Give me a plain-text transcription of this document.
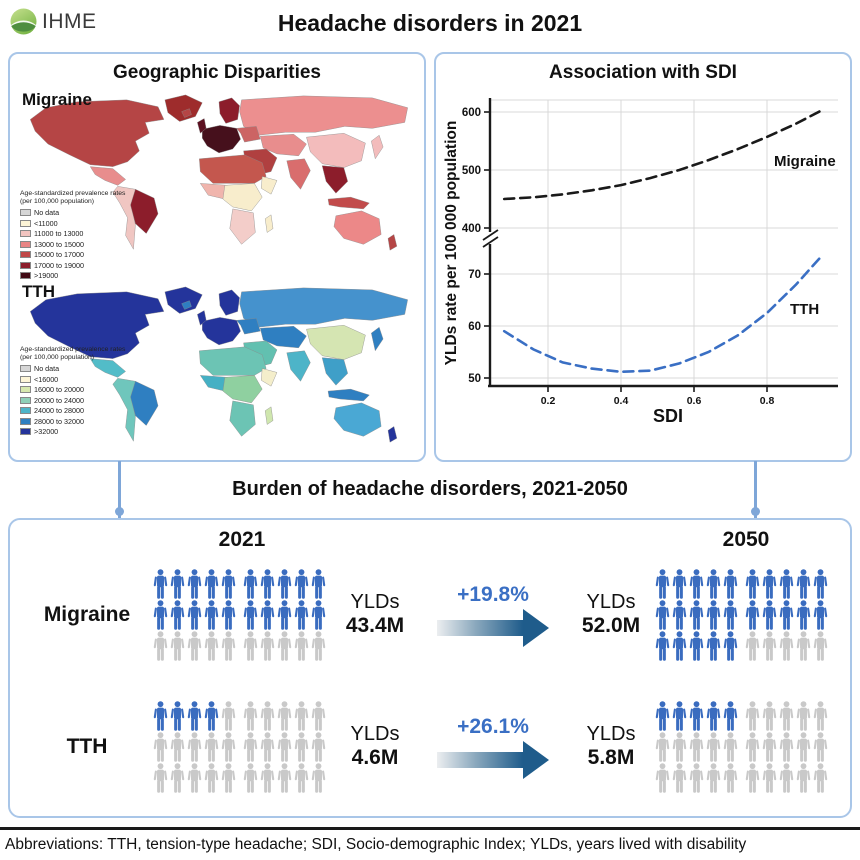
IHME	Headache disorders in 2021
Geographic Disparities
Migraine
Age-standardized prevalence rates
(per 100,000 population)
No data
<11000
11000 to 13000
13000 to 15000
15000 to 17000
17000 to 19000
>19000
TTH
Age-standardized prevalence rates
(per 100,000 population)
No data
<16000
16000 to 20000
20000 to 24000
24000 to 28000
28000 to 32000
>32000
Association with SDI
Migraine
TTH
400
500
600
50
60
70
0.2	0.4	0.6	0.8
SDI
YLDs rate per 100 000 population
Burden of headache disorders, 2021-2050
2021	2050
Migraine
YLDs
43.4M
+19.8%	YLDs
52.0M
TTH
YLDs
4.6M
+26.1%	YLDs
5.8M
Abbreviations: TTH, tension-type headache; SDI, Socio-demographic Index; YLDs, years lived with disability
